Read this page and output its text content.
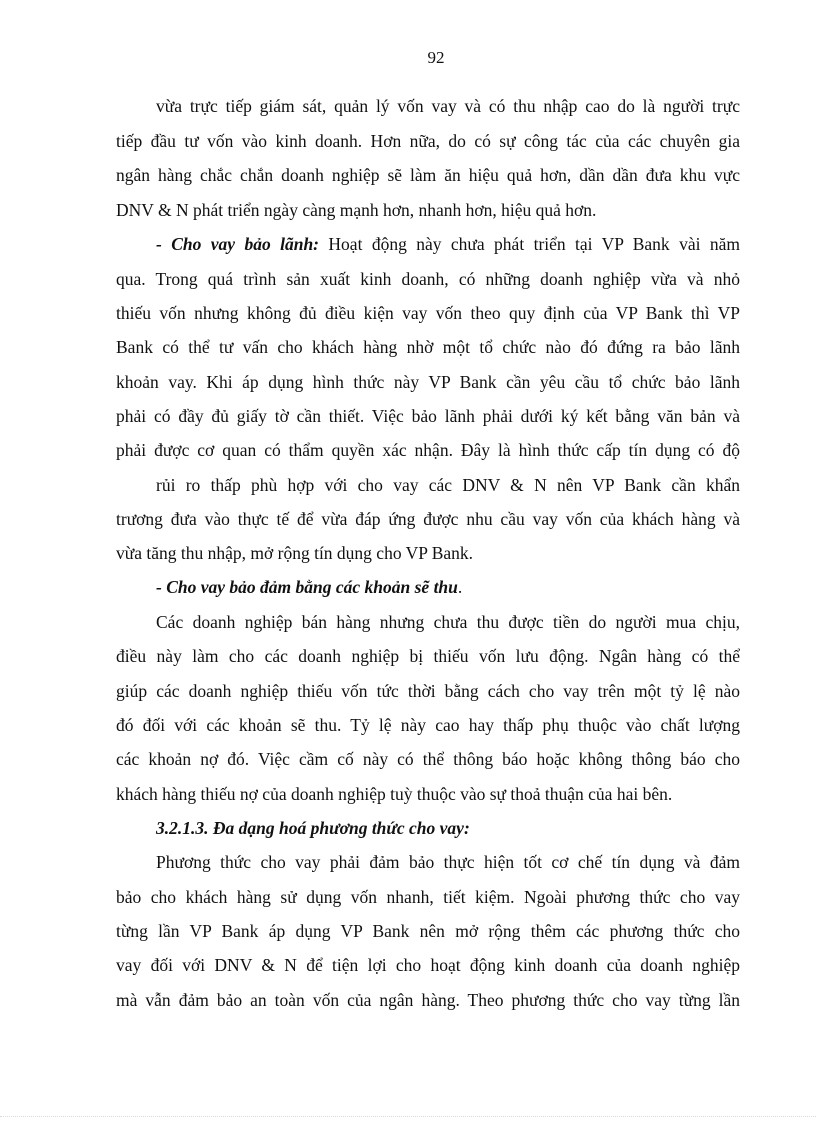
92
vừa trực tiếp giám sát, quản lý vốn vay và có thu nhập cao do là người trực
tiếp đầu tư vốn vào kinh doanh. Hơn nữa, do có sự công tác của các chuyên gia
ngân hàng chắc chắn doanh nghiệp sẽ làm ăn hiệu quả hơn, dần dần đưa khu vực
DNV & N phát triển ngày càng mạnh hơn, nhanh hơn, hiệu quả hơn.
- Cho vay bảo lãnh: Hoạt động này chưa phát triển tại VP Bank vài năm
qua. Trong quá trình sản xuất kinh doanh, có những doanh nghiệp vừa và nhỏ
thiếu vốn nhưng không đủ điều kiện vay vốn theo quy định của VP Bank thì VP
Bank có thể tư vấn cho khách hàng nhờ một tổ chức nào đó đứng ra bảo lãnh
khoản vay. Khi áp dụng hình thức này VP Bank cần yêu cầu tổ chức bảo lãnh
phải có đầy đủ giấy tờ cần thiết. Việc bảo lãnh phải dưới ký kết bằng văn bản và
phải được cơ quan có thẩm quyền xác nhận. Đây là hình thức cấp tín dụng có độ
rủi ro thấp phù hợp với cho vay các DNV & N nên VP Bank cần khẩn
trương đưa vào thực tế để vừa đáp ứng được nhu cầu vay vốn của khách hàng và
vừa tăng thu nhập, mở rộng tín dụng cho VP Bank.
- Cho vay bảo đảm bằng các khoản sẽ thu.
Các doanh nghiệp bán hàng nhưng chưa thu được tiền do người mua chịu,
điều này làm cho các doanh nghiệp bị thiếu vốn lưu động. Ngân hàng có thể
giúp các doanh nghiệp thiếu vốn tức thời bằng cách cho vay trên một tỷ lệ nào
đó đối với các khoản sẽ thu. Tỷ lệ này cao hay thấp phụ thuộc vào chất lượng
các khoản nợ đó. Việc cầm cố này có thể thông báo hoặc không thông báo cho
khách hàng thiếu nợ của doanh nghiệp tuỳ thuộc vào sự thoả thuận của hai bên.
3.2.1.3. Đa dạng hoá phương thức cho vay:
Phương thức cho vay phải đảm bảo thực hiện tốt cơ chế tín dụng và đảm
bảo cho khách hàng sử dụng vốn nhanh, tiết kiệm. Ngoài phương thức cho vay
từng lần VP Bank áp dụng VP Bank nên mở rộng thêm các phương thức cho
vay đối với DNV & N để tiện lợi cho hoạt động kinh doanh của doanh nghiệp
mà vẫn đảm bảo an toàn vốn của ngân hàng. Theo phương thức cho vay từng lần
